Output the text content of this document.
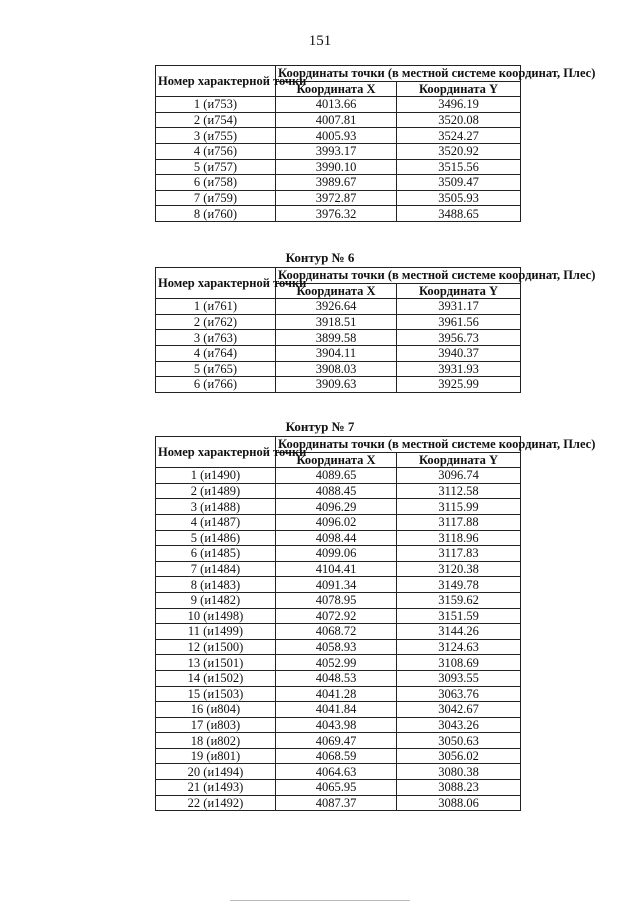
151
Номер характерной точки	Координаты точки (в местной системе координат, Плес)	
	Координата X	Координата Y
1 (и753)	4013.66	3496.19
2 (и754)	4007.81	3520.08
3 (и755)	4005.93	3524.27
4 (и756)	3993.17	3520.92
5 (и757)	3990.10	3515.56
6 (и758)	3989.67	3509.47
7 (и759)	3972.87	3505.93
8 (и760)	3976.32	3488.65
Контур № 6
Номер характерной точки	Координаты точки (в местной системе координат, Плес)	
	Координата X	Координата Y
1 (и761)	3926.64	3931.17
2 (и762)	3918.51	3961.56
3 (и763)	3899.58	3956.73
4 (и764)	3904.11	3940.37
5 (и765)	3908.03	3931.93
6 (и766)	3909.63	3925.99
Контур № 7
Номер характерной точки	Координаты точки (в местной системе координат, Плес)	
	Координата X	Координата Y
1 (и1490)	4089.65	3096.74
2 (и1489)	4088.45	3112.58
3 (и1488)	4096.29	3115.99
4 (и1487)	4096.02	3117.88
5 (и1486)	4098.44	3118.96
6 (и1485)	4099.06	3117.83
7 (и1484)	4104.41	3120.38
8 (и1483)	4091.34	3149.78
9 (и1482)	4078.95	3159.62
10 (и1498)	4072.92	3151.59
11 (и1499)	4068.72	3144.26
12 (и1500)	4058.93	3124.63
13 (и1501)	4052.99	3108.69
14 (и1502)	4048.53	3093.55
15 (и1503)	4041.28	3063.76
16 (и804)	4041.84	3042.67
17 (и803)	4043.98	3043.26
18 (и802)	4069.47	3050.63
19 (и801)	4068.59	3056.02
20 (и1494)	4064.63	3080.38
21 (и1493)	4065.95	3088.23
22 (и1492)	4087.37	3088.06
